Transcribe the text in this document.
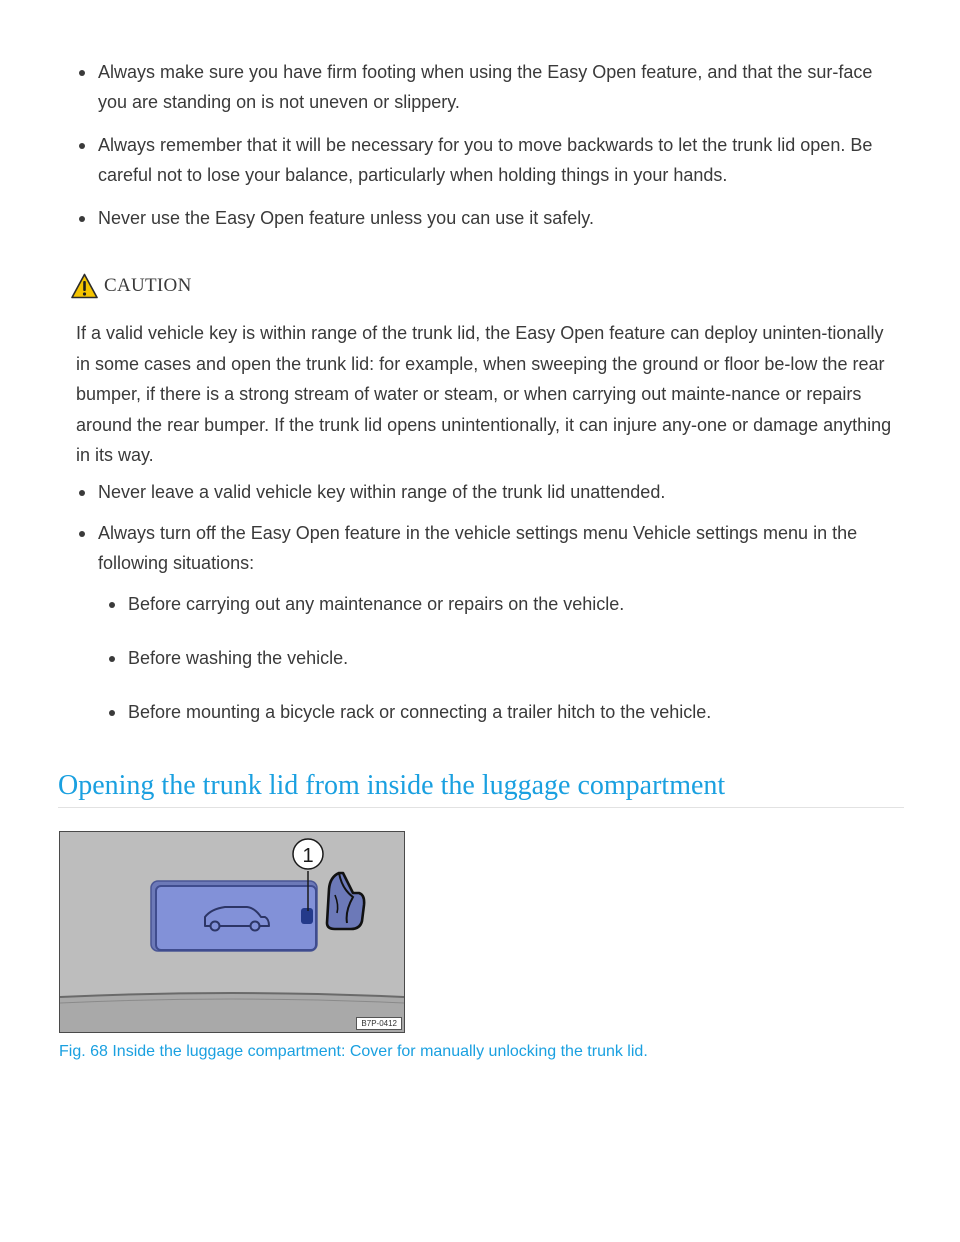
Always make sure you have firm footing when using the Easy Open feature, and that the sur-face you are standing on is not uneven or slippery.
Always remember that it will be necessary for you to move backwards to let the trunk lid open. Be careful not to lose your balance, particularly when holding things in your hands.
Never use the Easy Open feature unless you can use it safely.
CAUTION

If a valid vehicle key is within range of the trunk lid, the Easy Open feature can deploy uninten-tionally in some cases and open the trunk lid: for example, when sweeping the ground or floor be-low the rear bumper, if there is a strong stream of water or steam, or when carrying out mainte-nance or repairs around the rear bumper. If the trunk lid opens unintentionally, it can injure any-one or damage anything in its way.

Never leave a valid vehicle key within range of the trunk lid unattended.
Always turn off the Easy Open feature in the vehicle settings menu Vehicle settings menu in the following situations:
Before carrying out any maintenance or repairs on the vehicle.
Before washing the vehicle.
Before mounting a bicycle rack or connecting a trailer hitch to the vehicle.
Opening the trunk lid from inside the luggage compartment
1
B7P-0412

Fig. 68 Inside the luggage compartment: Cover for manually unlocking the trunk lid.
